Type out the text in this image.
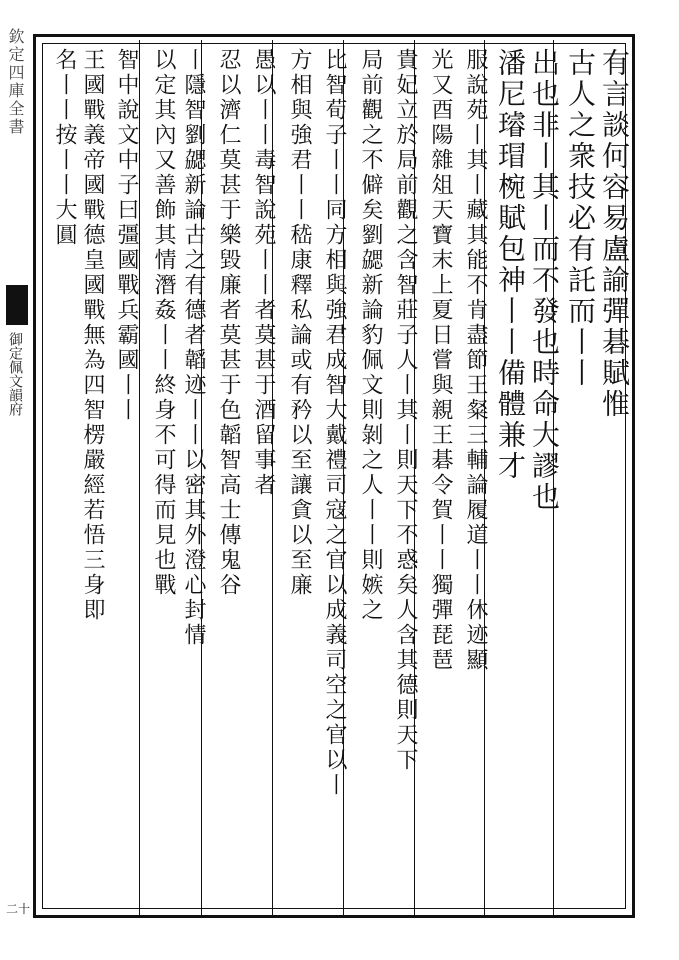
欽定四庫全書
御定佩文韻府
二十
有言談何容易盧諭彈碁賦惟
古人之衆技必有託而丨丨
出也非丨其丨而不發也時命大謬也
潘尼璿瑁椀賦包神丨丨備體兼才
服說苑丨其丨藏其能不肯盡節王粲三輔論履道丨丨休迹顯
光又酉陽雜俎天寶末上夏日嘗與親王碁令賀丨丨獨彈琵琶
貴妃立於局前觀之含智莊子人丨其丨則天下不惑矣人含其德則天下
局前觀之不僻矣劉勰新論豹佩文則剝之人丨丨則嫉之
比智荀子丨丨同方相與強君成智大戴禮司寇之官以成義司空之官以丨
方相與強君丨丨嵇康釋私論或有矜以至讓貪以至廉
愚以丨丨毒智說苑丨丨者莫甚于酒留事者
忍以濟仁莫甚于樂毀廉者莫甚于色韜智高士傳鬼谷
丨隱智劉勰新論古之有德者韜迹丨丨以密其外澄心封情
以定其內又善飾其情潛姦丨丨終身不可得而見也戰
智中說文中子曰彊國戰兵霸國丨丨
王國戰義帝國戰德皇國戰無為四智楞嚴經若悟三身即
名丨丨按丨丨大圓
